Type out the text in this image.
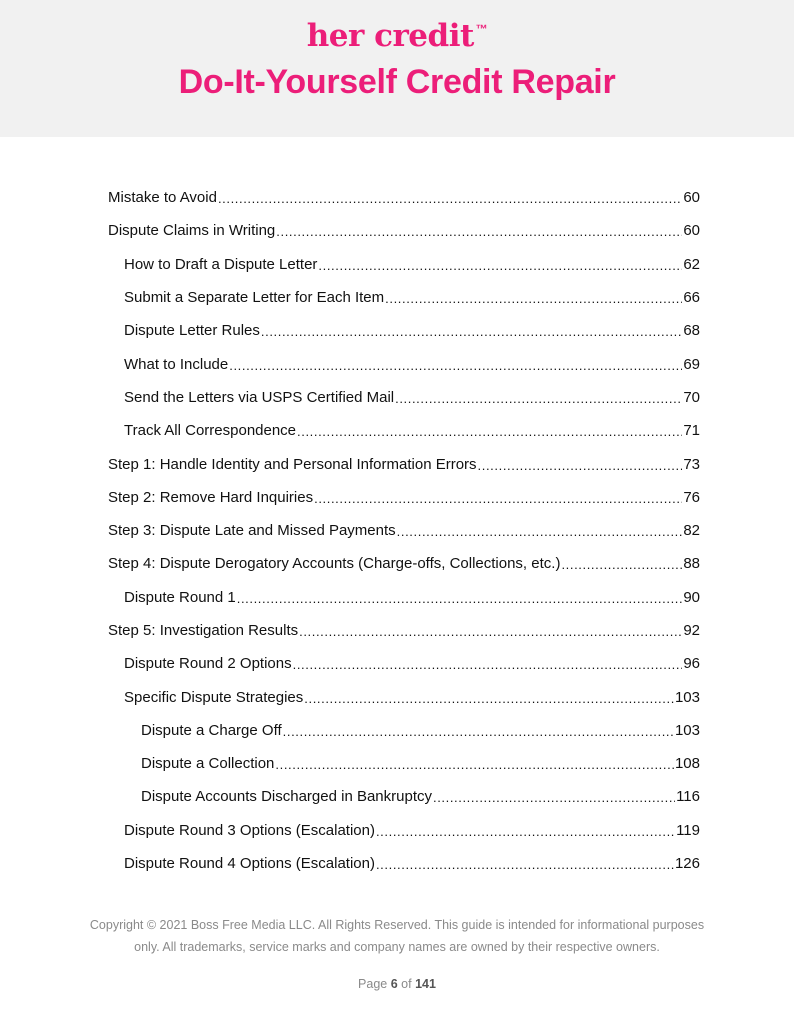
her credit ™
Do-It-Yourself Credit Repair
Mistake to Avoid .....	60
Dispute Claims in Writing .....	60
How to Draft a Dispute Letter .....	62
Submit a Separate Letter for Each Item .....	66
Dispute Letter Rules .....	68
What to Include .....	69
Send the Letters via USPS Certified Mail .....	70
Track All Correspondence .....	71
Step 1: Handle Identity and Personal Information Errors .....	73
Step 2: Remove Hard Inquiries .....	76
Step 3: Dispute Late and Missed Payments .....	82
Step 4: Dispute Derogatory Accounts (Charge-offs, Collections, etc.) .....	88
Dispute Round 1 .....	90
Step 5: Investigation Results .....	92
Dispute Round 2 Options .....	96
Specific Dispute Strategies .....	103
Dispute a Charge Off .....	103
Dispute a Collection .....	108
Dispute Accounts Discharged in Bankruptcy .....	116
Dispute Round 3 Options (Escalation) .....	119
Dispute Round 4 Options (Escalation) .....	126
Copyright © 2021 Boss Free Media LLC. All Rights Reserved. This guide is intended for informational purposes
only. All trademarks, service marks and company names are owned by their respective owners.
Page 6 of 141
